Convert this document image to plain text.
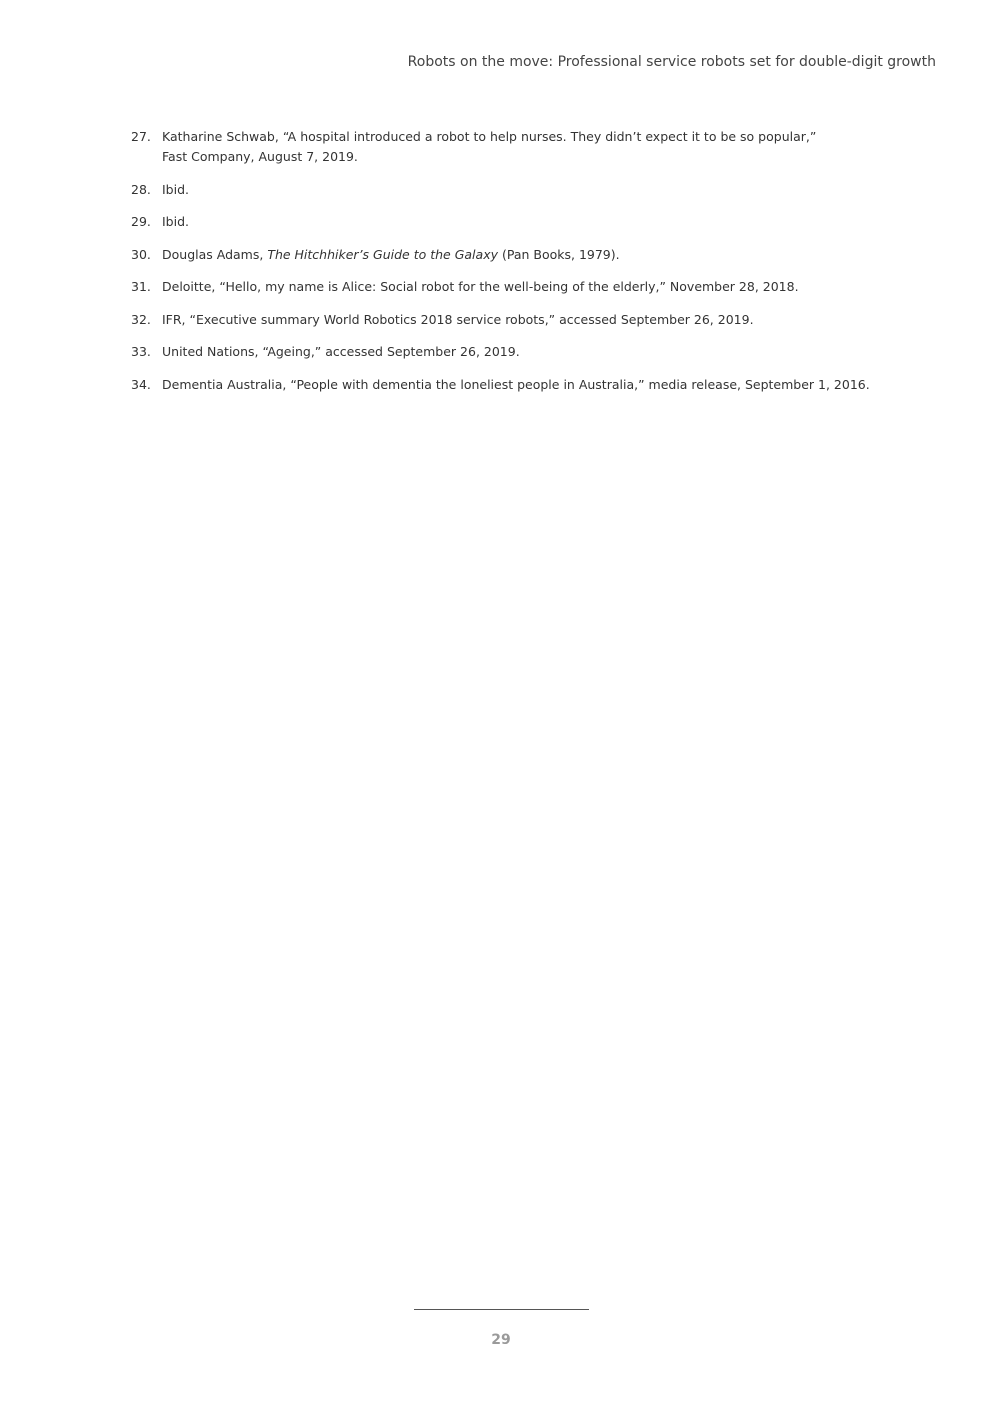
Robots on the move: Professional service robots set for double-digit growth
27. Katharine Schwab, “A hospital introduced a robot to help nurses. They didn’t expect it to be so popular,”
Fast Company, August 7, 2019.
28. Ibid.
29. Ibid.
30. Douglas Adams, The Hitchhiker’s Guide to the Galaxy (Pan Books, 1979).
31. Deloitte, “Hello, my name is Alice: Social robot for the well-being of the elderly,” November 28, 2018.
32. IFR, “Executive summary World Robotics 2018 service robots,” accessed September 26, 2019.
33. United Nations, “Ageing,” accessed September 26, 2019.
34. Dementia Australia, “People with dementia the loneliest people in Australia,” media release, September 1, 2016.
29
